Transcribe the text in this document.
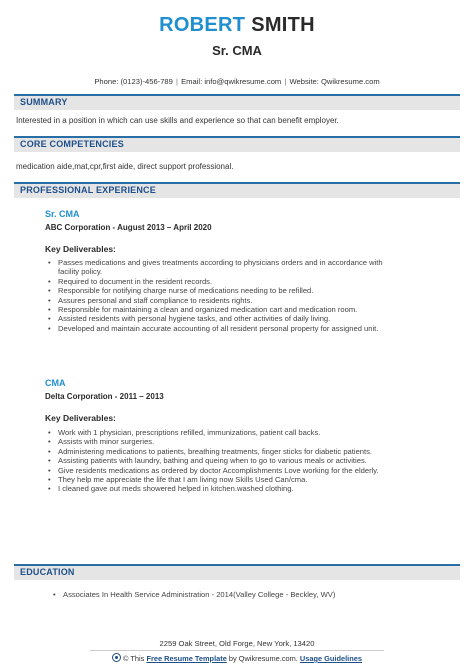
ROBERT SMITH
Sr. CMA
Phone: (0123)-456-789 | Email: info@qwikresume.com | Website: Qwikresume.com
SUMMARY
Interested in a position in which can use skills and experience so that can benefit employer.
CORE COMPETENCIES
medication aide,mat,cpr,first aide, direct support professional.
PROFESSIONAL EXPERIENCE
Sr. CMA
ABC Corporation - August 2013 – April 2020
Key Deliverables:
• Passes medications and gives treatments according to physicians orders and in accordance with facility policy.
• Required to document in the resident records.
• Responsible for notifying charge nurse of medications needing to be refilled.
• Assures personal and staff compliance to residents rights.
• Responsible for maintaining a clean and organized medication cart and medication room.
• Assisted residents with personal hygiene tasks, and other activities of daily living.
• Developed and maintain accurate accounting of all resident personal property for assigned unit.
CMA
Delta Corporation - 2011 – 2013
Key Deliverables:
• Work with 1 physician, prescriptions refilled, immunizations, patient call backs.
• Assists with minor surgeries.
• Administering medications to patients, breathing treatments, finger sticks for diabetic patients.
• Assisting patients with laundry, bathing and queing when to go to various meals or activities.
• Give residents medications as ordered by doctor Accomplishments Love working for the elderly.
• They help me appreciate the life that I am living now Skills Used Can/cma.
• I cleaned gave out meds showered helped in kitchen.washed clothing.
EDUCATION
• Associates In Health Service Administration - 2014(Valley College - Beckley, WV)
2259 Oak Street, Old Forge, New York, 13420
© This Free Resume Template by Qwikresume.com. Usage Guidelines
